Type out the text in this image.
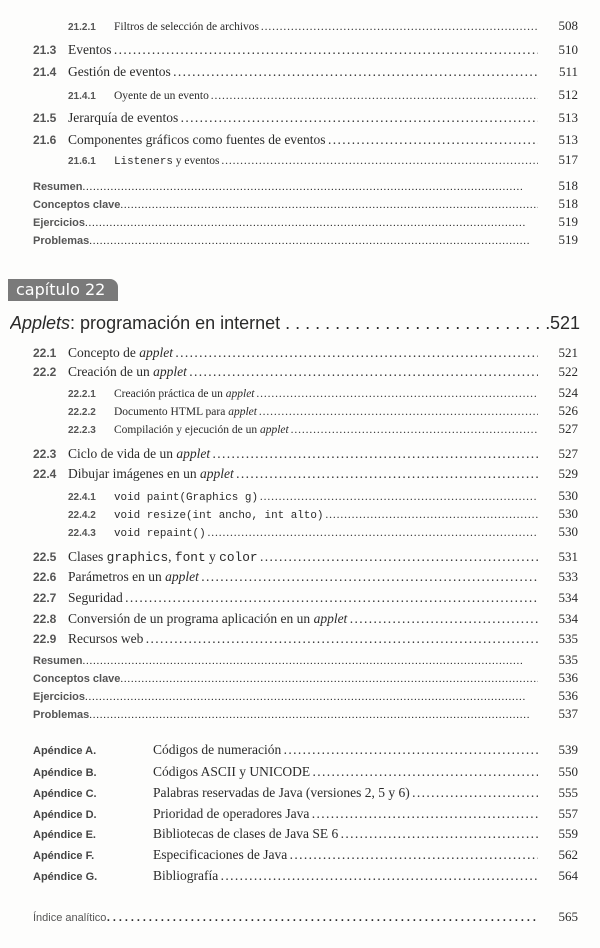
21.2.1	Filtros de selección de archivos . . .	508
21.3 Eventos . . .	510
21.4 Gestión de eventos . . .	511
21.4.1	Oyente de un evento . . .	512
21.5 Jerarquía de eventos . . .	513
21.6 Componentes gráficos como fuentes de eventos . . .	513
21.6.1	Listeners y eventos . . .	517
Resumen . . .	518
Conceptos clave . . .	518
Ejercicios . . .	519
Problemas . . .	519
capítulo 22
Applets: programación en internet . . .	521
22.1 Concepto de applet . . .	521
22.2 Creación de un applet . . .	522
22.2.1	Creación práctica de un applet . . .	524
22.2.2	Documento HTML para applet . . .	526
22.2.3	Compilación y ejecución de un applet . . .	527
22.3 Ciclo de vida de un applet . . .	527
22.4 Dibujar imágenes en un applet . . .	529
22.4.1	void paint(Graphics g) . . .	530
22.4.2	void resize(int ancho, int alto) . . .	530
22.4.3	void repaint() . . .	530
22.5 Clases graphics, font y color . . .	531
22.6 Parámetros en un applet . . .	533
22.7 Seguridad . . .	534
22.8 Conversión de un programa aplicación en un applet . . .	534
22.9 Recursos web . . .	535
Resumen . . .	535
Conceptos clave . . .	536
Ejercicios . . .	536
Problemas . . .	537
Apéndice A.	Códigos de numeración . . .	539
Apéndice B.	Códigos ASCII y UNICODE . . .	550
Apéndice C.	Palabras reservadas de Java (versiones 2, 5 y 6) . . .	555
Apéndice D.	Prioridad de operadores Java . . .	557
Apéndice E.	Bibliotecas de clases de Java SE 6 . . .	559
Apéndice F.	Especificaciones de Java . . .	562
Apéndice G.	Bibliografía . . .	564
Índice analítico . . .	565
